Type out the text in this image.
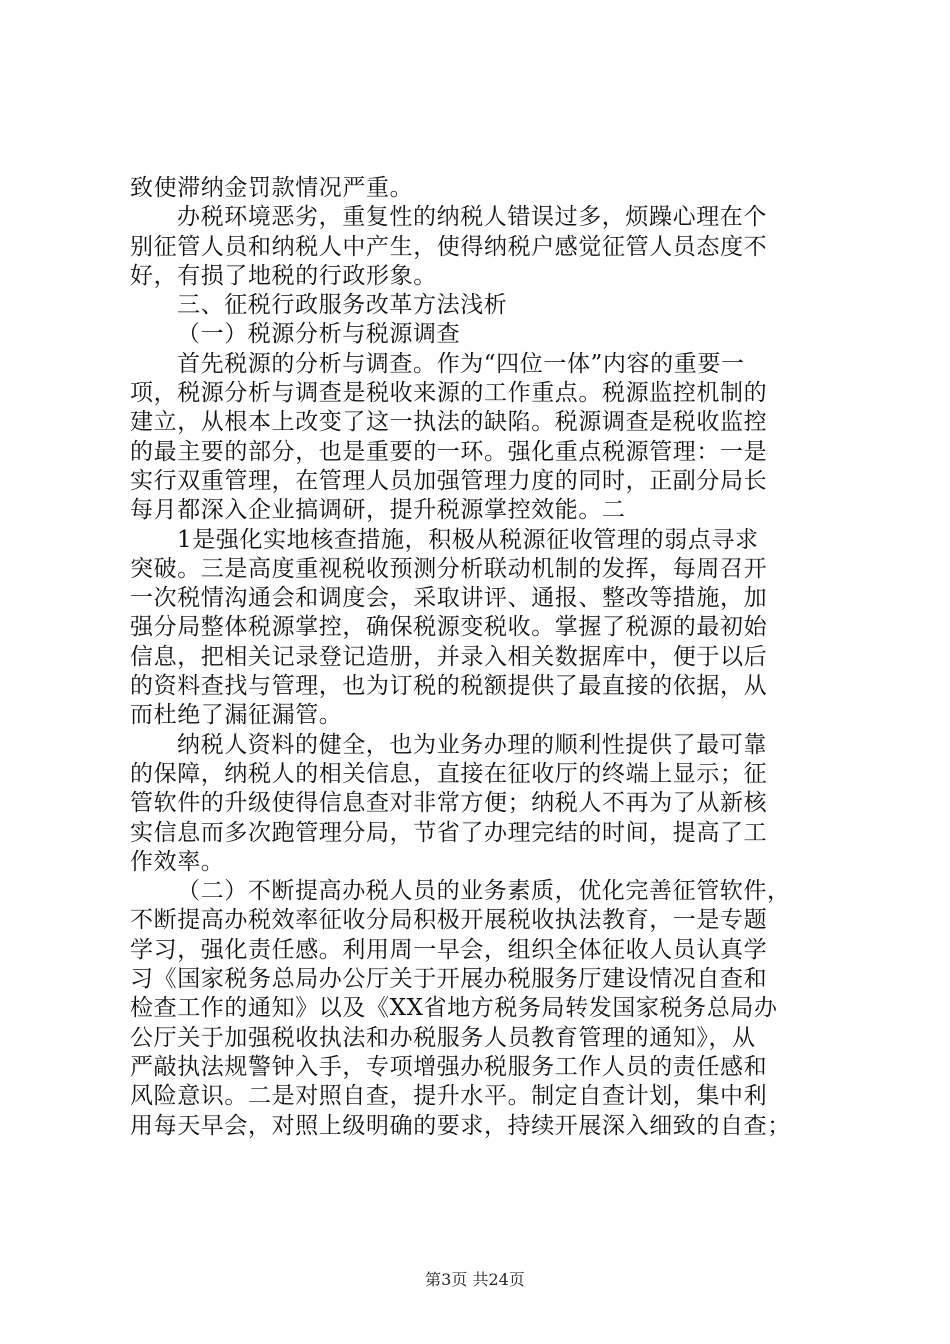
致使滞纳金罚款情况严重。
办税环境恶劣，重复性的纳税人错误过多，烦躁心理在个
别征管人员和纳税人中产生，使得纳税户感觉征管人员态度不
好，有损了地税的行政形象。
三、征税行政服务改革方法浅析
（一）税源分析与税源调查
首先税源的分析与调查。作为“四位一体”内容的重要一
项，税源分析与调查是税收来源的工作重点。税源监控机制的
建立，从根本上改变了这一执法的缺陷。税源调查是税收监控
的最主要的部分，也是重要的一环。强化重点税源管理：一是
实行双重管理，在管理人员加强管理力度的同时，正副分局长
每月都深入企业搞调研，提升税源掌控效能。二
1是强化实地核查措施，积极从税源征收管理的弱点寻求
突破。三是高度重视税收预测分析联动机制的发挥，每周召开
一次税情沟通会和调度会，采取讲评、通报、整改等措施，加
强分局整体税源掌控，确保税源变税收。掌握了税源的最初始
信息，把相关记录登记造册，并录入相关数据库中，便于以后
的资料查找与管理，也为订税的税额提供了最直接的依据，从
而杜绝了漏征漏管。
纳税人资料的健全，也为业务办理的顺利性提供了最可靠
的保障，纳税人的相关信息，直接在征收厅的终端上显示；征
管软件的升级使得信息查对非常方便；纳税人不再为了从新核
实信息而多次跑管理分局，节省了办理完结的时间，提高了工
作效率。
（二）不断提高办税人员的业务素质，优化完善征管软件，
不断提高办税效率征收分局积极开展税收执法教育，一是专题
学习，强化责任感。利用周一早会，组织全体征收人员认真学
习《国家税务总局办公厅关于开展办税服务厅建设情况自查和
检查工作的通知》以及《XX省地方税务局转发国家税务总局办
公厅关于加强税收执法和办税服务人员教育管理的通知》，从
严敲执法规警钟入手，专项增强办税服务工作人员的责任感和
风险意识。二是对照自查，提升水平。制定自查计划，集中利
用每天早会，对照上级明确的要求，持续开展深入细致的自查；
第3页 共24页
